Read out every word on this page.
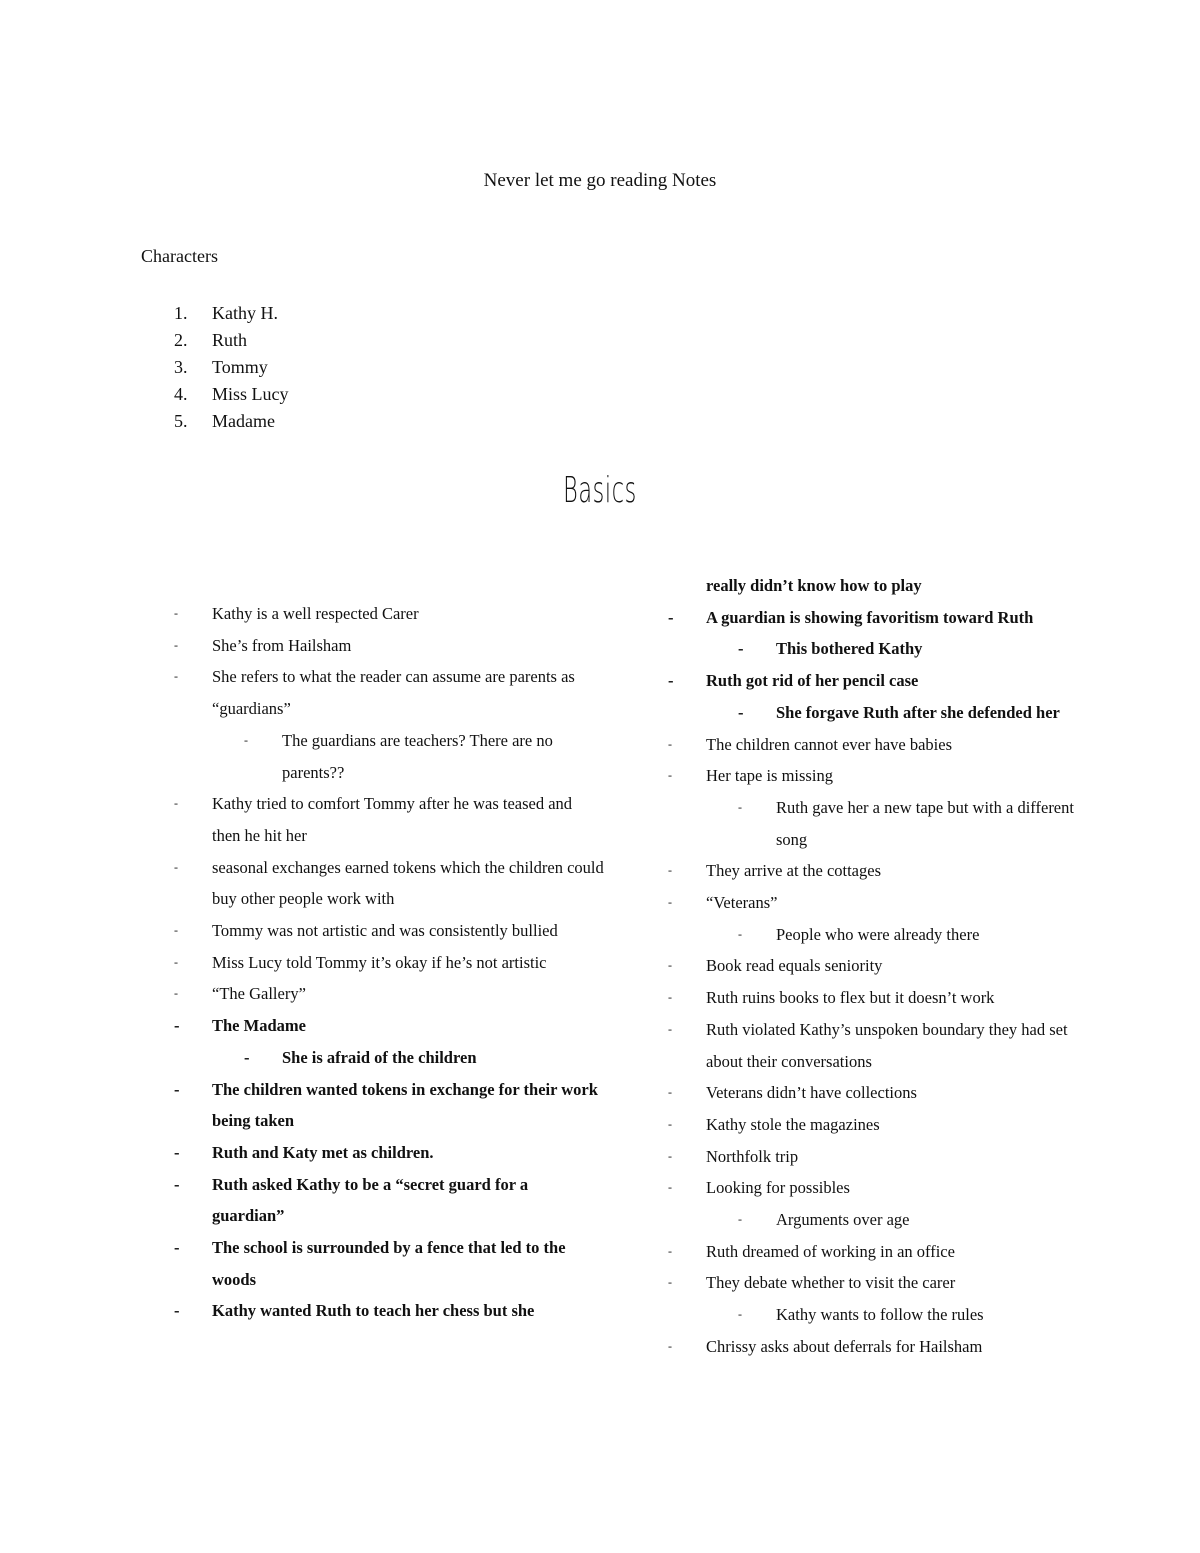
Never let me go reading Notes
Characters
1.	Kathy H.
2.	Ruth
3.	Tommy
4.	Miss Lucy
5.	Madame
Basics
-	Kathy is a well respected Carer
-	She’s from Hailsham
-	She refers to what the reader can assume are parents as “guardians”
-	The guardians are teachers? There are no parents??
-	Kathy tried to comfort Tommy after he was teased and then he hit her
-	seasonal exchanges earned tokens which the children could buy other people work with
-	Tommy was not artistic and was consistently bullied
-	Miss Lucy told Tommy it’s okay if he’s not artistic
-	“The Gallery”
-	The Madame
-	She is afraid of the children
-	The children wanted tokens in exchange for their work being taken
-	Ruth and Katy met as children.
-	Ruth asked Kathy to be a “secret guard for a guardian”
-	The school is surrounded by a fence that led to the woods
-	Kathy wanted Ruth to teach her chess but she
really didn’t know how to play
-	A guardian is showing favoritism toward Ruth
-	This bothered Kathy
-	Ruth got rid of her pencil case
-	She forgave Ruth after she defended her
-	The children cannot ever have babies
-	Her tape is missing
-	Ruth gave her a new tape but with a different song
-	They arrive at the cottages
-	“Veterans”
-	People who were already there
-	Book read equals seniority
-	Ruth ruins books to flex but it doesn’t work
-	Ruth violated Kathy’s unspoken boundary they had set about their conversations
-	Veterans didn’t have collections
-	Kathy stole the magazines
-	Northfolk trip
-	Looking for possibles
-	Arguments over age
-	Ruth dreamed of working in an office
-	They debate whether to visit the carer
-	Kathy wants to follow the rules
-	Chrissy asks about deferrals for Hailsham
